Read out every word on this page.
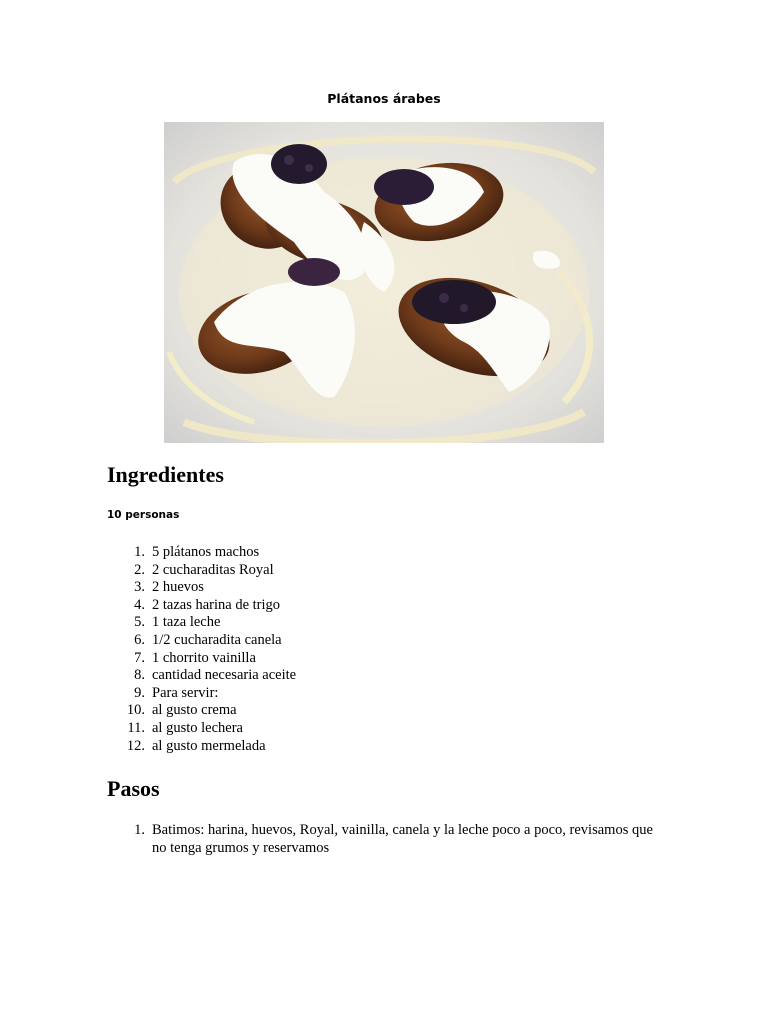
Plátanos árabes
Ingredientes
10 personas
1. 5 plátanos machos
2. 2 cucharaditas Royal
3. 2 huevos
4. 2 tazas harina de trigo
5. 1 taza leche
6. 1/2 cucharadita canela
7. 1 chorrito vainilla
8. cantidad necesaria aceite
9. Para servir:
10. al gusto crema
11. al gusto lechera
12. al gusto mermelada
Pasos
1. Batimos: harina, huevos, Royal, vainilla, canela y la leche poco a poco, revisamos que no tenga grumos y reservamos
